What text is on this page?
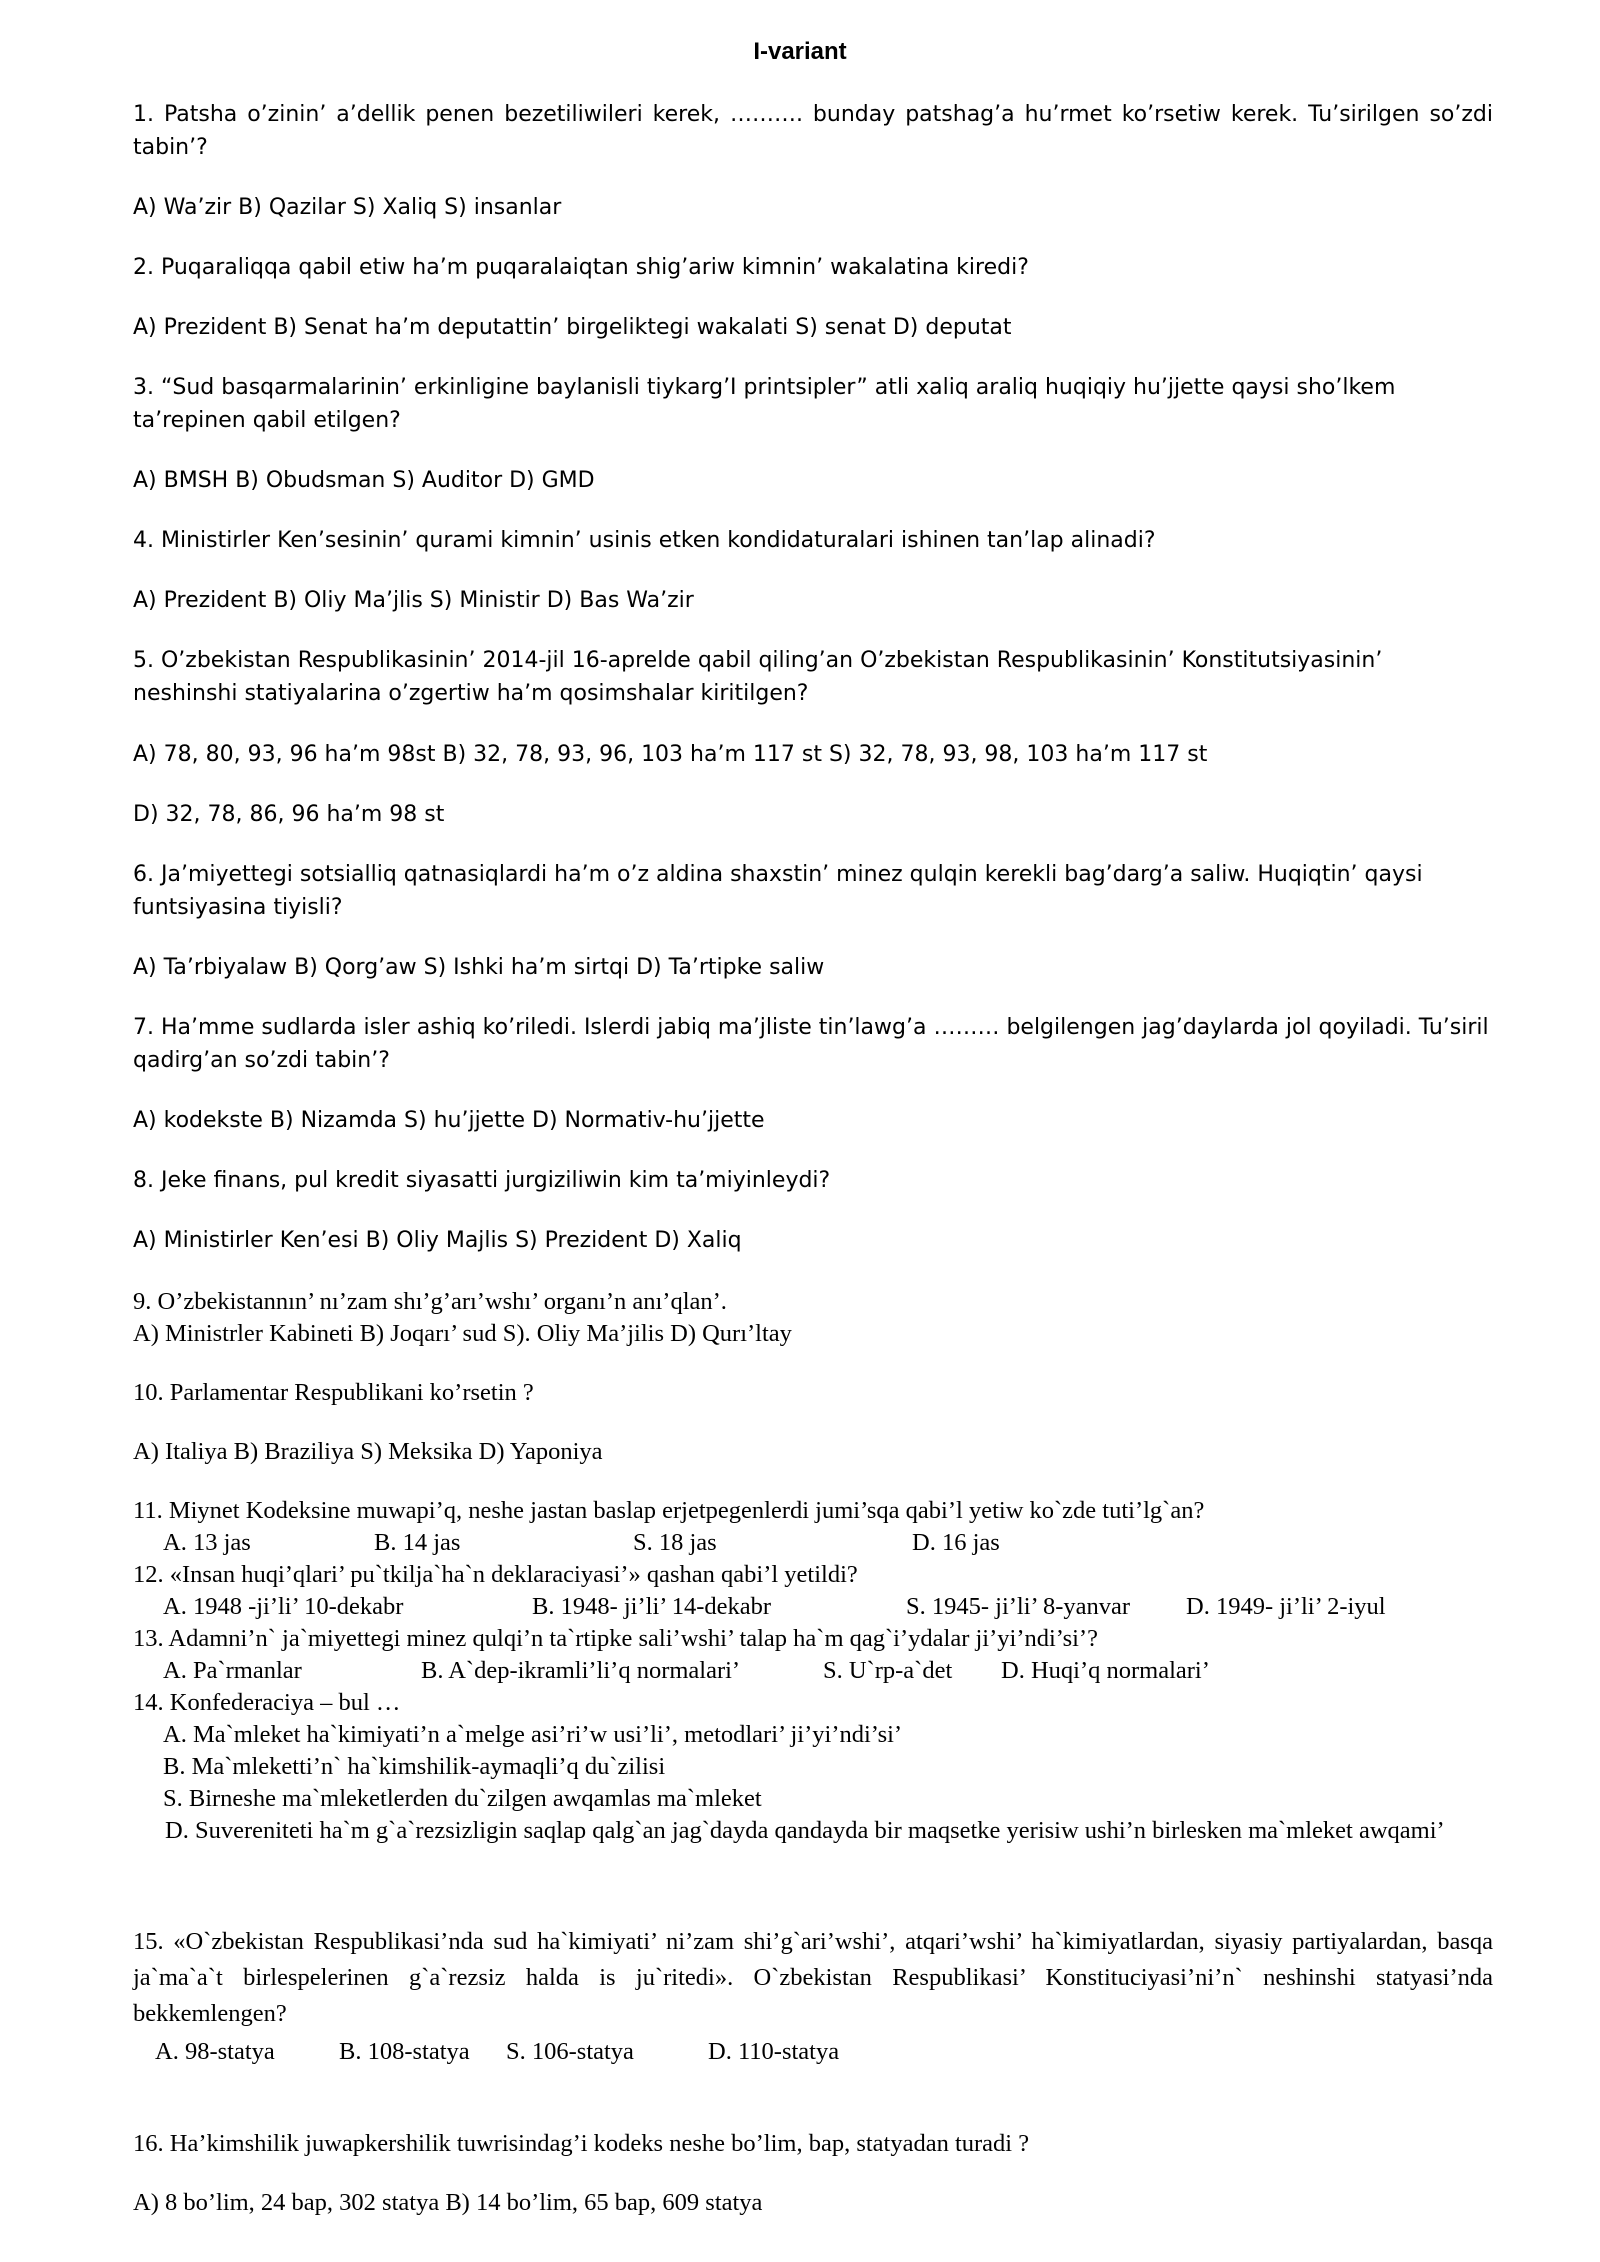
I-variant
1. Patsha o’zinin’ a’dellik penen bezetiliwileri kerek, ………. bunday patshag’a hu’rmet ko’rsetiw kerek. Tu’sirilgen so’zdi tabin’?
A) Wa’zir B) Qazilar S) Xaliq S) insanlar
2. Puqaraliqqa qabil etiw ha’m puqaralaiqtan shig’ariw kimnin’ wakalatina kiredi?
A) Prezident B) Senat ha’m deputattin’ birgeliktegi wakalati S) senat D) deputat
3. “Sud basqarmalarinin’ erkinligine baylanisli tiykarg’I printsipler” atli xaliq araliq huqiqiy hu’jjette qaysi sho’lkem ta’repinen qabil etilgen?
A) BMSH B) Obudsman S) Auditor D) GMD
4. Ministirler Ken’sesinin’ qurami kimnin’ usinis etken kondidaturalari ishinen tan’lap alinadi?
A) Prezident B) Oliy Ma’jlis S) Ministir D) Bas Wa’zir
5. O’zbekistan Respublikasinin’ 2014-jil 16-aprelde qabil qiling’an O’zbekistan Respublikasinin’ Konstitutsiyasinin’ neshinshi statiyalarina o’zgertiw ha’m qosimshalar kiritilgen?
A) 78, 80, 93, 96 ha’m 98st B) 32, 78, 93, 96, 103 ha’m 117 st S) 32, 78, 93, 98, 103 ha’m 117 st
D) 32, 78, 86, 96 ha’m 98 st
6. Ja’miyettegi sotsialliq qatnasiqlardi ha’m o’z aldina shaxstin’ minez qulqin kerekli bag’darg’a saliw. Huqiqtin’ qaysi funtsiyasina tiyisli?
A) Ta’rbiyalaw B) Qorg’aw S) Ishki ha’m sirtqi D) Ta’rtipke saliw
7. Ha’mme sudlarda isler ashiq ko’riledi. Islerdi jabiq ma’jliste tin’lawg’a ……… belgilengen jag’daylarda jol qoyiladi. Tu’siril qadirg’an so’zdi tabin’?
A) kodekste B) Nizamda S) hu’jjette D) Normativ-hu’jjette
8. Jeke finans, pul kredit siyasatti jurgiziliwin kim ta’miyinleydi?
A) Ministirler Ken’esi B) Oliy Majlis S) Prezident D) Xaliq
9. O’zbekistannın’ nı’zam shı’g’arı’wshı’ organı’n anı’qlan’.
A) Ministrler Kabineti B) Joqarı’ sud S). Oliy Ma’jilis D) Qurı’ltay
10. Parlamentar Respublikani ko’rsetin ?
A) Italiya B) Braziliya S) Meksika D) Yaponiya
11. Miynet Kodeksine muwapi’q, neshe jastan baslap erjetpegenlerdi jumi’sqa qabi’l yetiw ko`zde tuti’lg`an?
A. 13 jas	B. 14 jas	S. 18 jas	D. 16 jas
12. «Insan huqi’qlari’ pu`tkilja`ha`n deklaraciyasi’» qashan qabi’l yetildi?
A. 1948 -ji’li’ 10-dekabr	B. 1948- ji’li’ 14-dekabr	S. 1945- ji’li’ 8-yanvar D. 1949- ji’li’ 2-iyul
13. Adamni’n` ja`miyettegi minez qulqi’n ta`rtipke sali’wshi’ talap ha`m qag`i’ydalar ji’yi’ndi’si’?
A. Pa`rmanlar	B. A`dep-ikramli’li’q normalari’	S. U`rp-a`det D. Huqi’q normalari’
14. Konfederaciya – bul …
A. Ma`mleket ha`kimiyati’n a`melge asi’ri’w usi’li’, metodlari’ ji’yi’ndi’si’
B. Ma`mleketti’n` ha`kimshilik-aymaqli’q du`zilisi
S. Birneshe ma`mleketlerden du`zilgen awqamlas ma`mleket
D. Suvereniteti ha`m g`a`rezsizligin saqlap qalg`an jag`dayda qandayda bir maqsetke yerisiw ushi’n birlesken ma`mleket awqami’
15. «O`zbekistan Respublikasi’nda sud ha`kimiyati’ ni’zam shi’g`ari’wshi’, atqari’wshi’ ha`kimiyatlardan, siyasiy partiyalardan, basqa ja`ma`a`t birlespelerinen g`a`rezsiz halda is ju`ritedi». O`zbekistan Respublikasi’ Konstituciyasi’ni’n` neshinshi statyasi’nda bekkemlengen?
A. 98-statya	B. 108-statya S. 106-statya	D. 110-statya
16. Ha’kimshilik juwapkershilik tuwrisindag’i kodeks neshe bo’lim, bap, statyadan turadi ?
A) 8 bo’lim, 24 bap, 302 statya B) 14 bo’lim, 65 bap, 609 statya
